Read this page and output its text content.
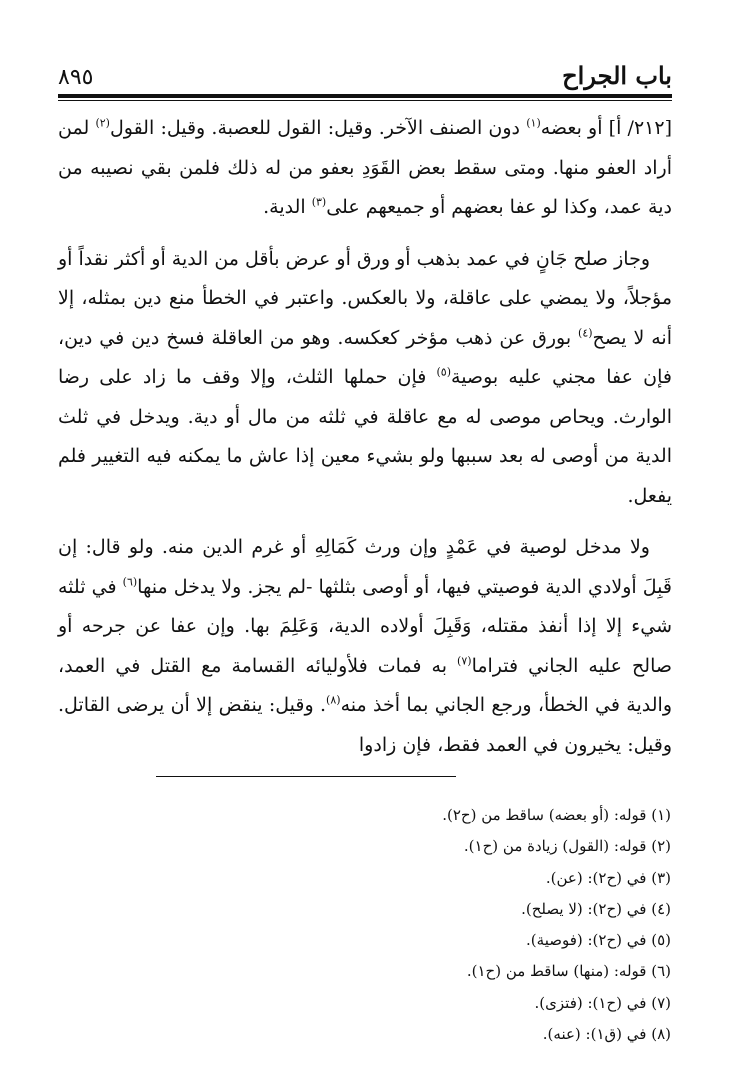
باب الجراح
٨٩٥

[٢١٢/ أ] أو بعضه$^{(١)}$ دون الصنف الآخر. وقيل: القول للعصبة. وقيل: القول$^{(٢)}$ لمن أراد العفو منها. ومتى سقط بعض القَوَدِ بعفو من له ذلك فلمن بقي نصيبه من دية عمد، وكذا لو عفا بعضهم أو جميعهم على$^{(٣)}$ الدية.

وجاز صلح جَانٍ في عمد بذهب أو ورق أو عرض بأقل من الدية أو أكثر نقداً أو مؤجلاً، ولا يمضي على عاقلة، ولا بالعكس. واعتبر في الخطأ منع دين بمثله، إلا أنه لا يصح$^{(٤)}$ بورق عن ذهب مؤخر كعكسه. وهو من العاقلة فسخ دين في دين، فإن عفا مجني عليه بوصية$^{(٥)}$ فإن حملها الثلث، وإلا وقف ما زاد على رضا الوارث. ويحاص موصى له مع عاقلة في ثلثه من مال أو دية. ويدخل في ثلث الدية من أوصى له بعد سببها ولو بشيء معين إذا عاش ما يمكنه فيه التغيير فلم يفعل.

ولا مدخل لوصية في عَمْدٍ وإن ورث كَمَالِهِ أو غرم الدين منه. ولو قال: إن قَبِلَ أولادي الدية فوصيتي فيها، أو أوصى بثلثها -لم يجز. ولا يدخل منها$^{(٦)}$ في ثلثه شيء إلا إذا أنفذ مقتله، وَقَبِلَ أولاده الدية، وَعَلِمَ بها. وإن عفا عن جرحه أو صالح عليه الجاني فتراما$^{(٧)}$ به فمات فلأوليائه القسامة مع القتل في العمد، والدية في الخطأ، ورجع الجاني بما أخذ منه$^{(٨)}$. وقيل: ينقض إلا أن يرضى القاتل. وقيل: يخيرون في العمد فقط، فإن زادوا

(١) قوله: (أو بعضه) ساقط من (ح٢).
(٢) قوله: (القول) زيادة من (ح١).
(٣) في (ح٢): (عن).
(٤) في (ح٢): (لا يصلح).
(٥) في (ح٢): (فوصية).
(٦) قوله: (منها) ساقط من (ح١).
(٧) في (ح١): (فتزى).
(٨) في (ق١): (عنه).
